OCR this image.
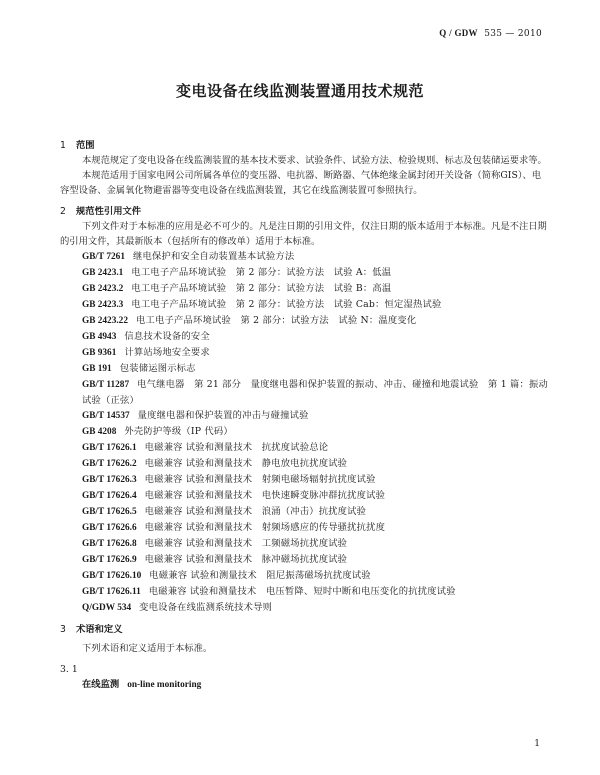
Q / GDW 535 — 2010
变电设备在线监测装置通用技术规范
1 范围

本规范规定了变电设备在线监测装置的基本技术要求、试验条件、试验方法、检验规则、标志及包装储运要求等。

本规范适用于国家电网公司所属各单位的变压器、电抗器、断路器、气体绝缘金属封闭开关设备（简称GIS）、电容型设备、金属氧化物避雷器等变电设备在线监测装置，其它在线监测装置可参照执行。

2 规范性引用文件

下列文件对于本标准的应用是必不可少的。凡是注日期的引用文件，仅注日期的版本适用于本标准。凡是不注日期的引用文件，其最新版本（包括所有的修改单）适用于本标准。

GB/T 7261 继电保护和安全自动装置基本试验方法
GB 2423.1 电工电子产品环境试验　第 2 部分：试验方法　试验 A：低温
GB 2423.2 电工电子产品环境试验　第 2 部分：试验方法　试验 B：高温
GB 2423.3 电工电子产品环境试验　第 2 部分：试验方法　试验 Cab：恒定湿热试验
GB 2423.22 电工电子产品环境试验　第 2 部分：试验方法　试验 N：温度变化
GB 4943 信息技术设备的安全
GB 9361 计算站场地安全要求
GB 191 包装储运图示标志
GB/T 11287 电气继电器　第 21 部分　量度继电器和保护装置的振动、冲击、碰撞和地震试验　第 1 篇：振动试验（正弦）
GB/T 14537 量度继电器和保护装置的冲击与碰撞试验
GB 4208 外壳防护等级（IP 代码）
GB/T 17626.1 电磁兼容 试验和测量技术　抗扰度试验总论
GB/T 17626.2 电磁兼容 试验和测量技术　静电放电抗扰度试验
GB/T 17626.3 电磁兼容 试验和测量技术　射频电磁场辐射抗扰度试验
GB/T 17626.4 电磁兼容 试验和测量技术　电快速瞬变脉冲群抗扰度试验
GB/T 17626.5 电磁兼容 试验和测量技术　浪涌（冲击）抗扰度试验
GB/T 17626.6 电磁兼容 试验和测量技术　射频场感应的传导骚扰抗扰度
GB/T 17626.8 电磁兼容 试验和测量技术　工频磁场抗扰度试验
GB/T 17626.9 电磁兼容 试验和测量技术　脉冲磁场抗扰度试验
GB/T 17626.10 电磁兼容 试验和测量技术　阻尼振荡磁场抗扰度试验
GB/T 17626.11 电磁兼容 试验和测量技术　电压暂降、短时中断和电压变化的抗扰度试验
Q/GDW 534 变电设备在线监测系统技术导则
3 术语和定义

下列术语和定义适用于本标准。

3. 1

在线监测 on-line monitoring

1
